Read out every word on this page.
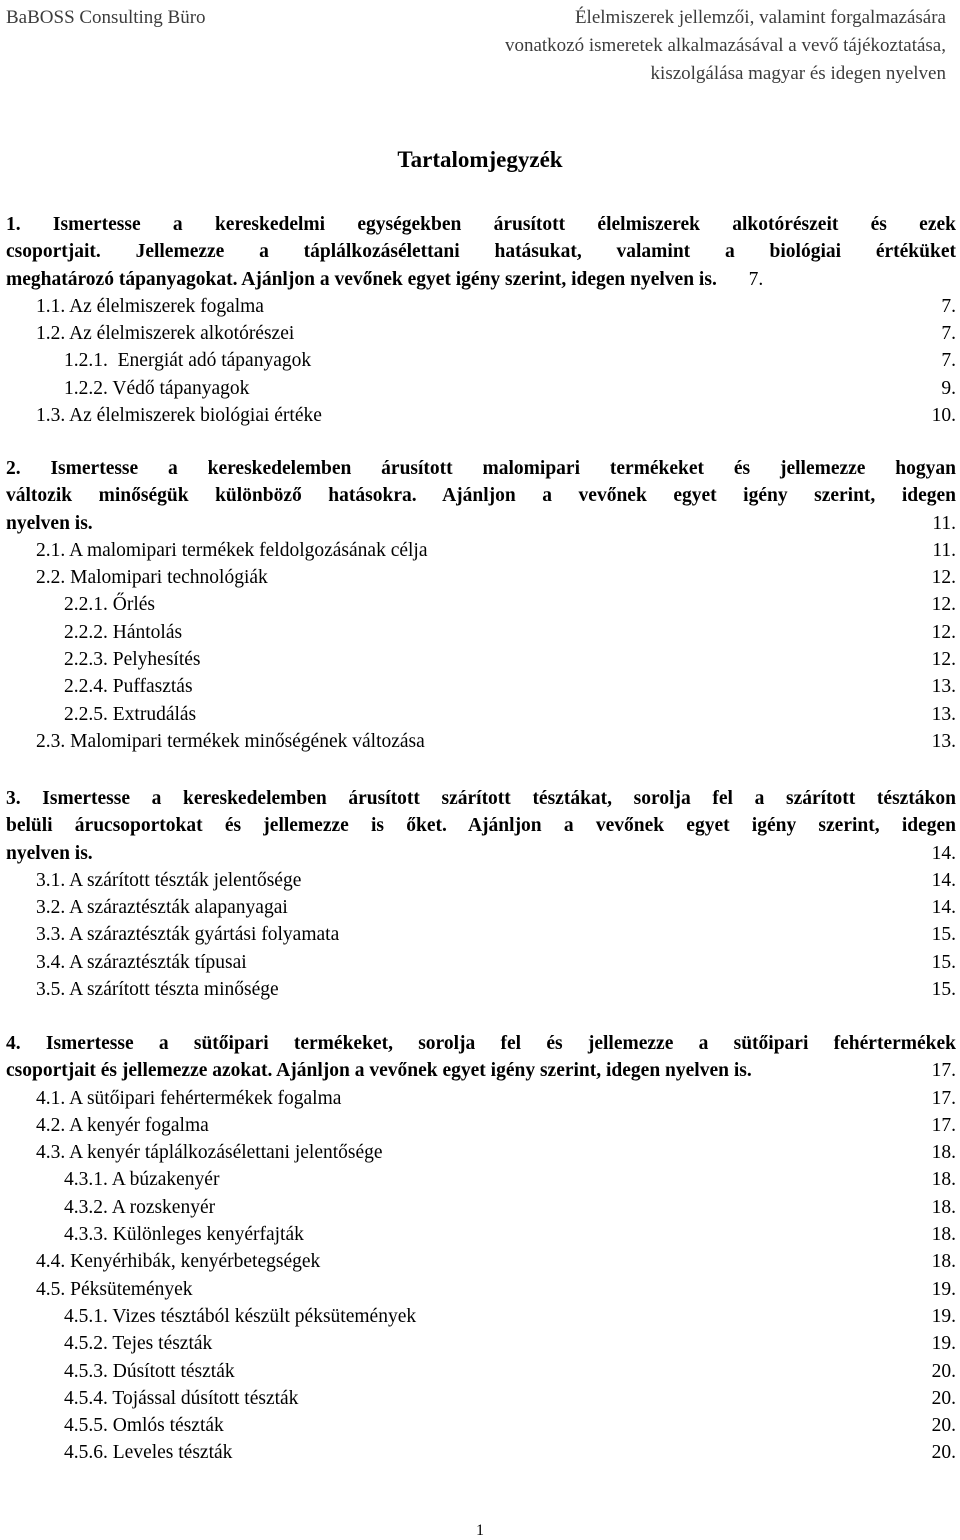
BaBOSS Consulting Büro	Élelmiszerek jellemzői, valamint forgalmazására
vonatkozó ismeretek alkalmazásával a vevő tájékoztatása,
kiszolgálása magyar és idegen nyelven
Tartalomjegyzék
1. Ismertesse a kereskedelmi egységekben árusított élelmiszerek alkotórészeit és ezek
csoportjait. Jellemezze a táplálkozásélettani hatásukat, valamint a biológiai értéküket
meghatározó tápanyagokat. Ajánljon a vevőnek egyet igény szerint, idegen nyelven is. 7.
1.1. Az élelmiszerek fogalma	7.
1.2. Az élelmiszerek alkotórészei	7.
1.2.1. Energiát adó tápanyagok	7.
1.2.2. Védő tápanyagok	9.
1.3. Az élelmiszerek biológiai értéke	10.
2. Ismertesse a kereskedelemben árusított malomipari termékeket és jellemezze hogyan
változik minőségük különböző hatásokra. Ajánljon a vevőnek egyet igény szerint, idegen
nyelven is.	11.
2.1. A malomipari termékek feldolgozásának célja	11.
2.2. Malomipari technológiák	12.
2.2.1. Őrlés	12.
2.2.2. Hántolás	12.
2.2.3. Pelyhesítés	12.
2.2.4. Puffasztás	13.
2.2.5. Extrudálás	13.
2.3. Malomipari termékek minőségének változása	13.
3. Ismertesse a kereskedelemben árusított szárított tésztákat, sorolja fel a szárított tésztákon
belüli árucsoportokat és jellemezze is őket. Ajánljon a vevőnek egyet igény szerint, idegen
nyelven is.	14.
3.1. A szárított tészták jelentősége	14.
3.2. A száraztészták alapanyagai	14.
3.3. A száraztészták gyártási folyamata	15.
3.4. A száraztészták típusai	15.
3.5. A szárított tészta minősége	15.
4. Ismertesse a sütőipari termékeket, sorolja fel és jellemezze a sütőipari fehértermékek
csoportjait és jellemezze azokat. Ajánljon a vevőnek egyet igény szerint, idegen nyelven is.	17.
4.1. A sütőipari fehértermékek fogalma	17.
4.2. A kenyér fogalma	17.
4.3. A kenyér táplálkozásélettani jelentősége	18.
4.3.1. A búzakenyér	18.
4.3.2. A rozskenyér	18.
4.3.3. Különleges kenyérfajták	18.
4.4. Kenyérhibák, kenyérbetegségek	18.
4.5. Péksütemények	19.
4.5.1. Vizes tésztából készült péksütemények	19.
4.5.2. Tejes tészták	19.
4.5.3. Dúsított tészták	20.
4.5.4. Tojással dúsított tészták	20.
4.5.5. Omlós tészták	20.
4.5.6. Leveles tészták	20.
1
